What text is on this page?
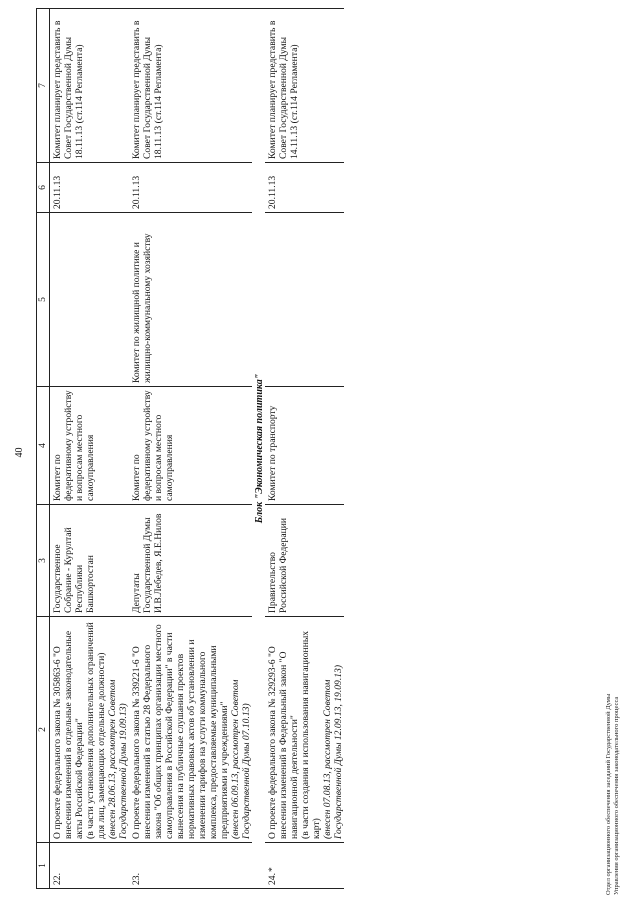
40
1	2	3	4	5	6	7
22.	О проекте федерального закона № 305863-6 "О внесении изменений в отдельные законодательные акты Российской Федерации" (в части установления дополнительных ограничений для лиц, замещающих отдельные должности) (внесен 28.06.13, рассмотрен Советом Государственной Думы 19.09.13)	Государственное Собрание - Курултай Республики Башкортостан	Комитет по федеративному устройству и вопросам местного самоуправления		20.11.13	Комитет планирует представить в Совет Государственной Думы 18.11.13 (ст.114 Регламента)
23.	О проекте федерального закона № 339221-6 "О внесении изменений в статью 28 Федерального закона "Об общих принципах организации местного самоуправления в Российской Федерации" в части вынесения на публичные слушания проектов нормативных правовых актов об установлении и изменении тарифов на услуги коммунального комплекса, предоставляемые муниципальными предприятиями и учреждениями" (внесен 06.09.13, рассмотрен Советом Государственной Думы 07.10.13)	Депутаты Государственной Думы И.В.Лебедев, Я.Е.Нилов	Комитет по федеративному устройству и вопросам местного самоуправления	Комитет по жилищной политике и жилищно-коммунальному хозяйству	20.11.13	Комитет планирует представить в Совет Государственной Думы 18.11.13 (ст.114 Регламента)
Блок "Экономическая политика"						
24.*	О проекте федерального закона № 329293-6 "О внесении изменений в Федеральный закон "О навигационной деятельности" (в части создания и использования навигационных карт) (внесен 07.08.13, рассмотрен Советом Государственной Думы 12.09.13, 19.09.13)	Правительство Российской Федерации	Комитет по транспорту		20.11.13	Комитет планирует представить в Совет Государственной Думы 14.11.13 (ст.114 Регламента)
Отдел организационного обеспечения заседаний Государственной Думы Управления организационного обеспечения законодательного процесса
